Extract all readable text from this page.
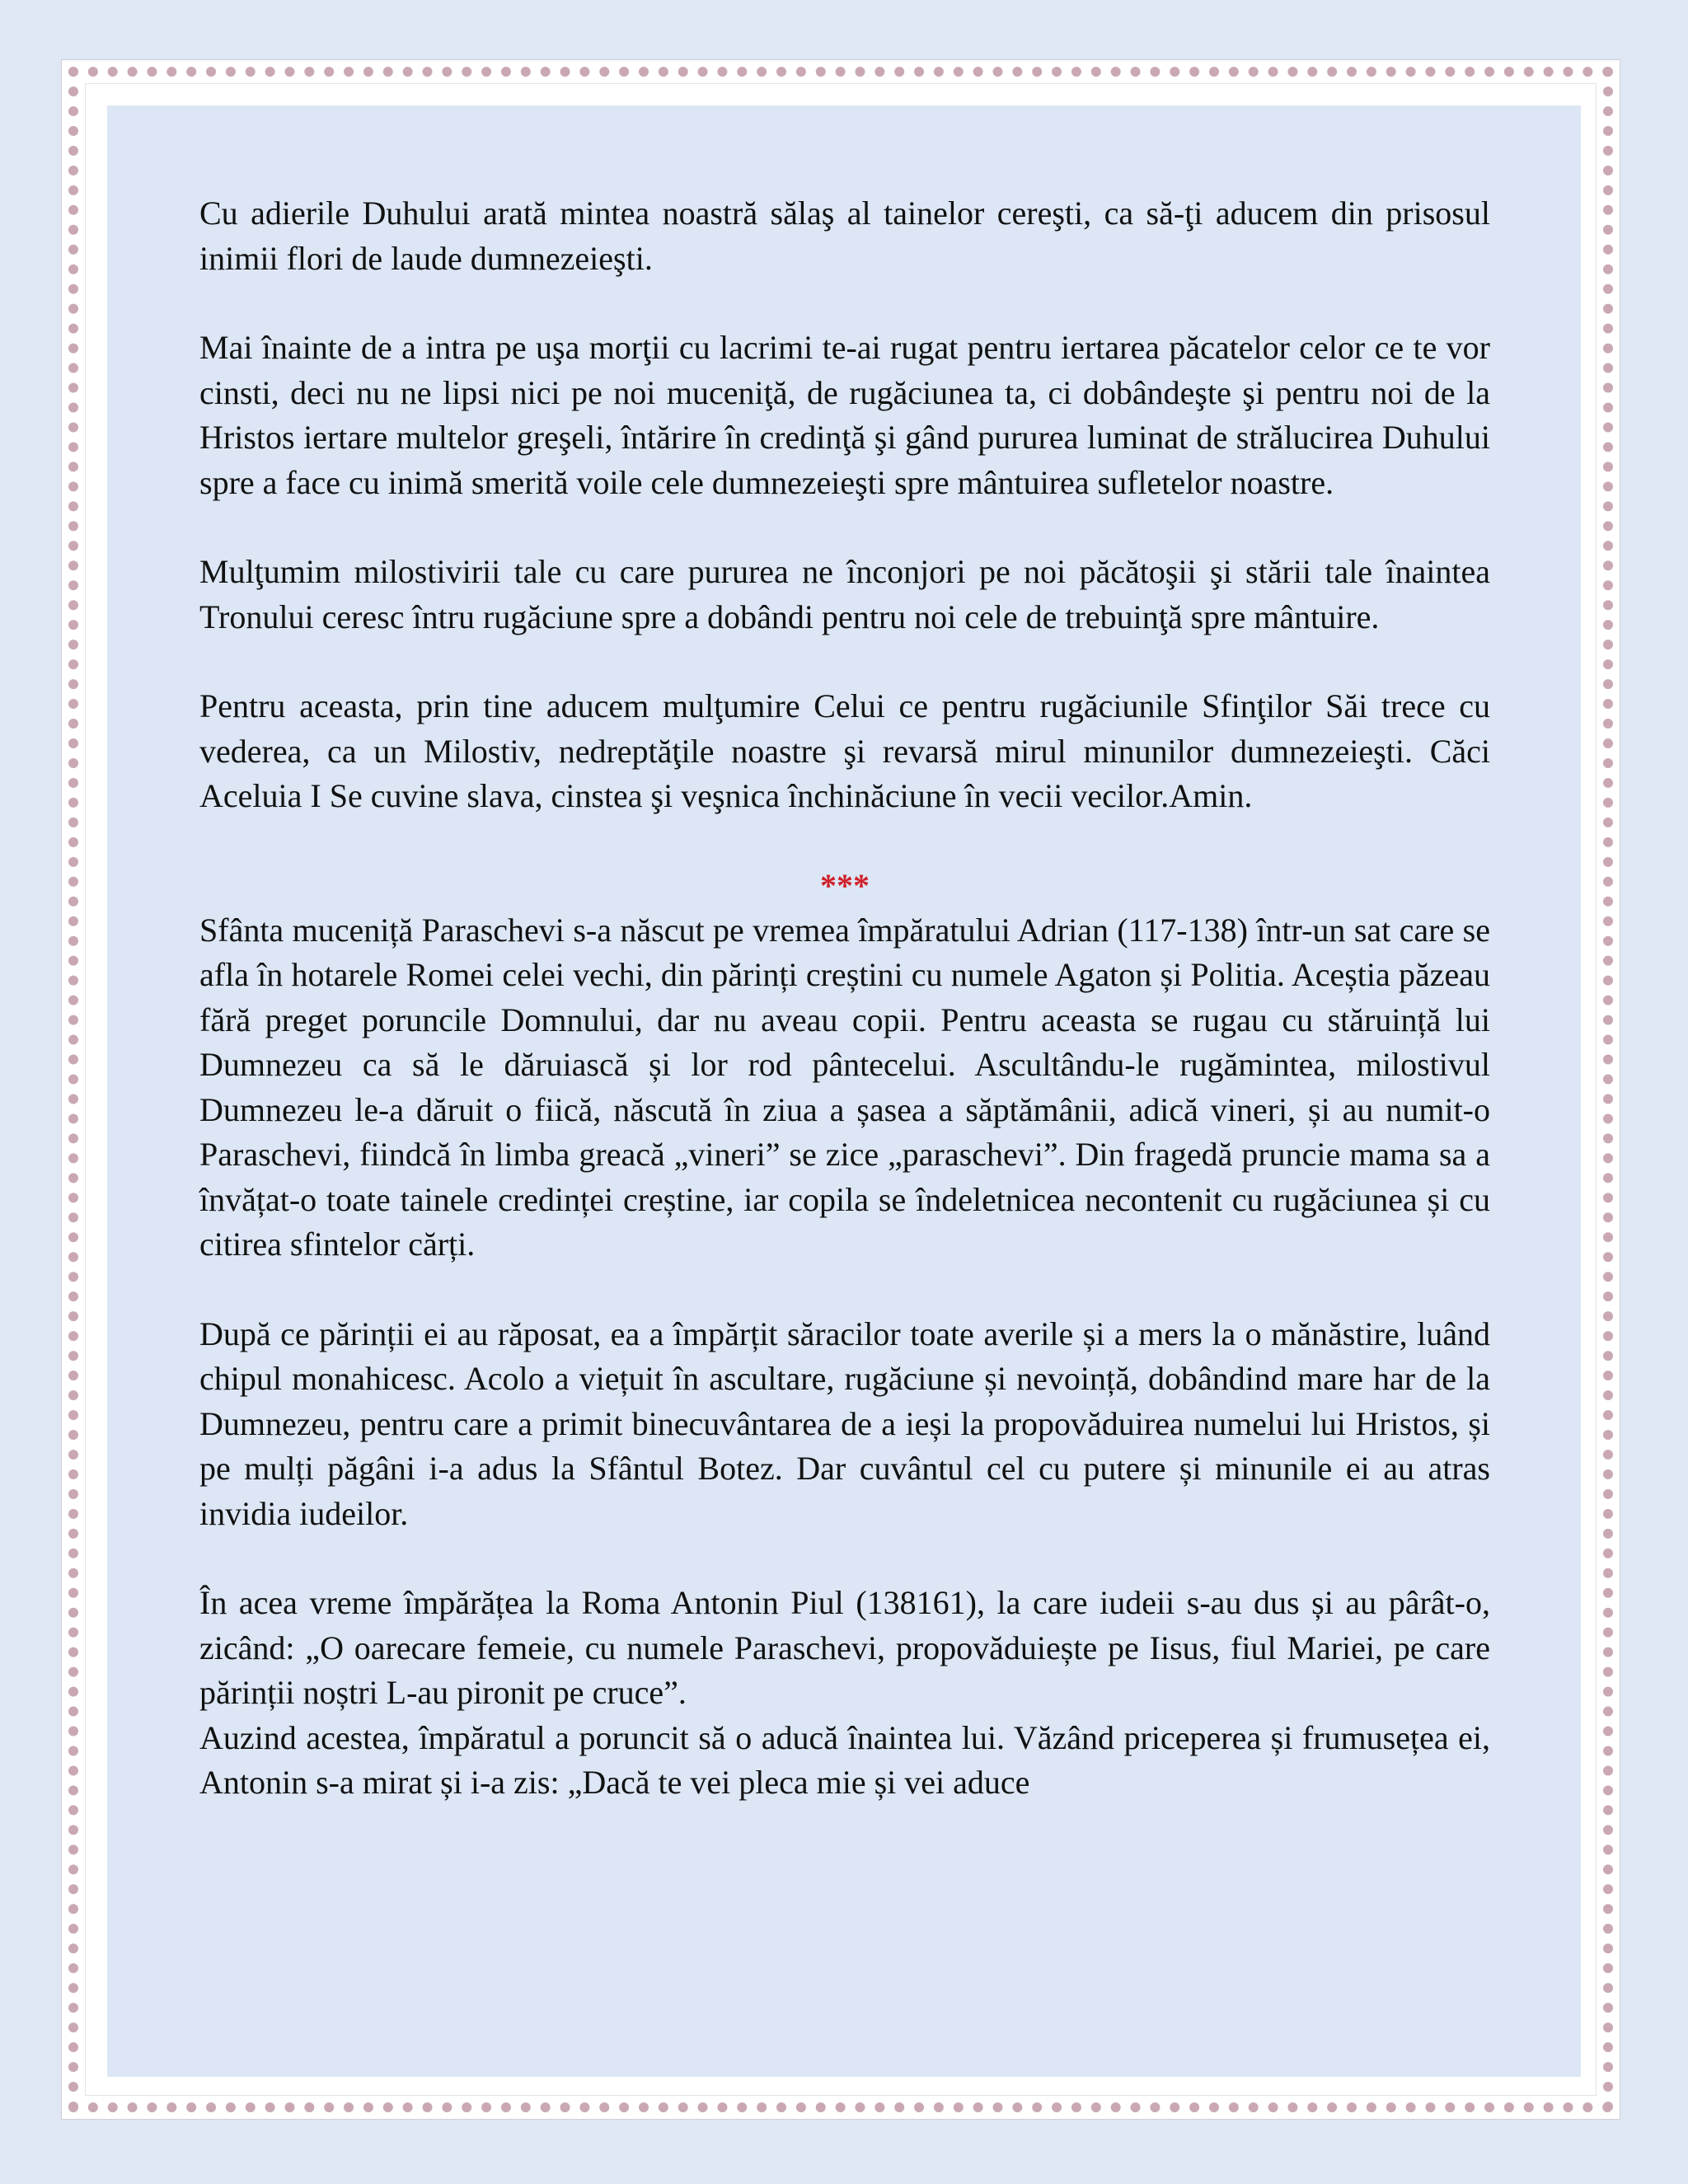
Cu adierile Duhului arată mintea noastră sălaş al tainelor cereşti, ca să-ţi aducem din prisosul inimii flori de laude dumnezeieşti.

Mai înainte de a intra pe uşa morţii cu lacrimi te-ai rugat pentru iertarea păcatelor celor ce te vor cinsti, deci nu ne lipsi nici pe noi muceniţă, de rugăciunea ta, ci dobândeşte şi pentru noi de la Hristos iertare multelor greşeli, întărire în credinţă şi gând pururea luminat de strălucirea Duhului spre a face cu inimă smerită voile cele dumnezeieşti spre mântuirea sufletelor noastre.

Mulţumim milostivirii tale cu care pururea ne înconjori pe noi păcătoşii şi stării tale înaintea Tronului ceresc întru rugăciune spre a dobândi pentru noi cele de trebuinţă spre mântuire.

Pentru aceasta, prin tine aducem mulţumire Celui ce pentru rugăciunile Sfinţilor Săi trece cu vederea, ca un Milostiv, nedreptăţile noastre şi revarsă mirul minunilor dumnezeieşti. Căci Aceluia I Se cuvine slava, cinstea şi veşnica închinăciune în vecii vecilor.Amin.

***

Sfânta muceniță Paraschevi s-a născut pe vremea împăratului Adrian (117-138) într-un sat care se afla în hotarele Romei celei vechi, din părinți creștini cu numele Agaton și Politia. Aceștia păzeau fără preget poruncile Domnului, dar nu aveau copii. Pentru aceasta se rugau cu stăruință lui Dumnezeu ca să le dăruiască și lor rod pântecelui. Ascultându-le rugămintea, milostivul Dumnezeu le-a dăruit o fiică, născută în ziua a șasea a săptămânii, adică vineri, și au numit-o Paraschevi, fiindcă în limba greacă „vineri” se zice „paraschevi”. Din fragedă pruncie mama sa a învățat-o toate tainele credinței creștine, iar copila se îndeletnicea necontenit cu rugăciunea și cu citirea sfintelor cărți.

După ce părinții ei au răposat, ea a împărțit săracilor toate averile și a mers la o mănăstire, luând chipul monahicesc. Acolo a viețuit în ascultare, rugăciune și nevoință, dobândind mare har de la Dumnezeu, pentru care a primit binecuvântarea de a ieși la propovăduirea numelui lui Hristos, și pe mulți păgâni i-a adus la Sfântul Botez. Dar cuvântul cel cu putere și minunile ei au atras invidia iudeilor.

În acea vreme împărățea la Roma Antonin Piul (138161), la care iudeii s-au dus și au pârât-o, zicând: „O oarecare femeie, cu numele Paraschevi, propovăduiește pe Iisus, fiul Mariei, pe care părinții noștri L-au pironit pe cruce”.

Auzind acestea, împăratul a poruncit să o aducă înaintea lui. Văzând priceperea și frumusețea ei, Antonin s-a mirat și i-a zis: „Dacă te vei pleca mie și vei aduce
